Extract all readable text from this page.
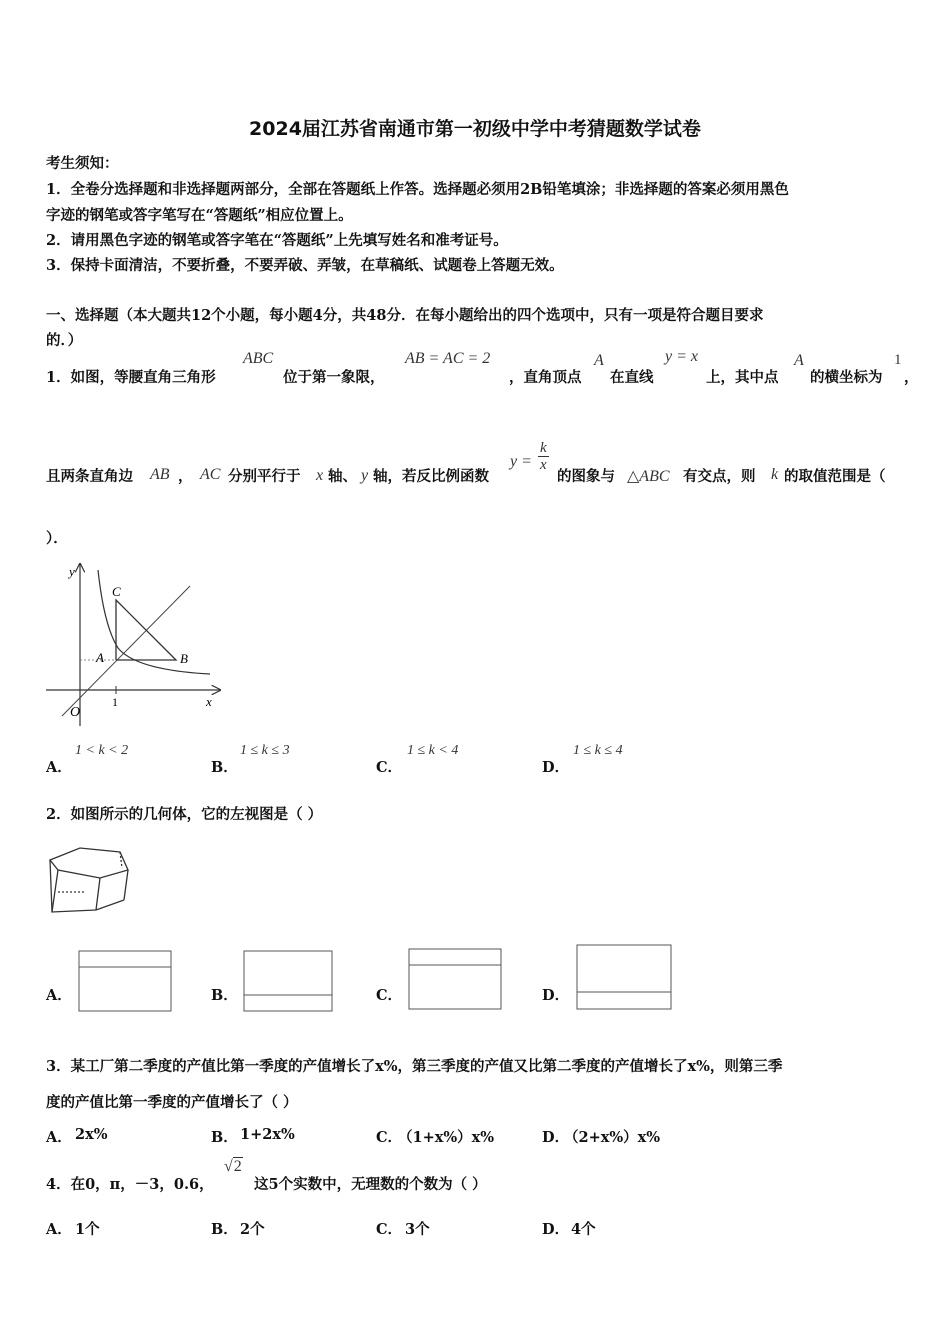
2024届江苏省南通市第一初级中学中考猜题数学试卷
考生须知：
1．全卷分选择题和非选择题两部分，全部在答题纸上作答。选择题必须用2B铅笔填涂；非选择题的答案必须用黑色
字迹的钢笔或答字笔写在“答题纸”相应位置上。
2．请用黑色字迹的钢笔或答字笔在“答题纸”上先填写姓名和准考证号。
3．保持卡面清洁，不要折叠，不要弄破、弄皱，在草稿纸、试题卷上答题无效。
一、选择题（本大题共12个小题，每小题4分，共48分．在每小题给出的四个选项中，只有一项是符合题目要求
的．）
1．如图，等腰直角三角形
ABC
位于第一象限，
AB = AC = 2
，直角顶点
A
在直线
y = x
上，其中点
A
的横坐标为
1
，
且两条直角边 AB ， AC 分别平行于 x 轴、 y 轴，若反比例函数
$y = \frac{k}{x}$
的图象与 △ABC 有交点，则 k 的取值范围是（
）．
y
x
O
A	B
C
1
A．
1 < k < 2
B．
1 ≤ k ≤ 3
C．
1 ≤ k < 4
D．
1 ≤ k ≤ 4
2．如图所示的几何体，它的左视图是（ ）
A．	B．	C．	D．
3．某工厂第二季度的产值比第一季度的产值增长了x%，第三季度的产值又比第二季度的产值增长了x%，则第三季
度的产值比第一季度的产值增长了（ ）
A． 2x%	B． 1+2x%	C．
（1+x%）x%	D．
（2+x%）x%
4．在0，π，－3，0.6，
√2
这5个实数中，无理数的个数为（ ）
A． 1个	B． 2个	C． 3个	D． 4个
